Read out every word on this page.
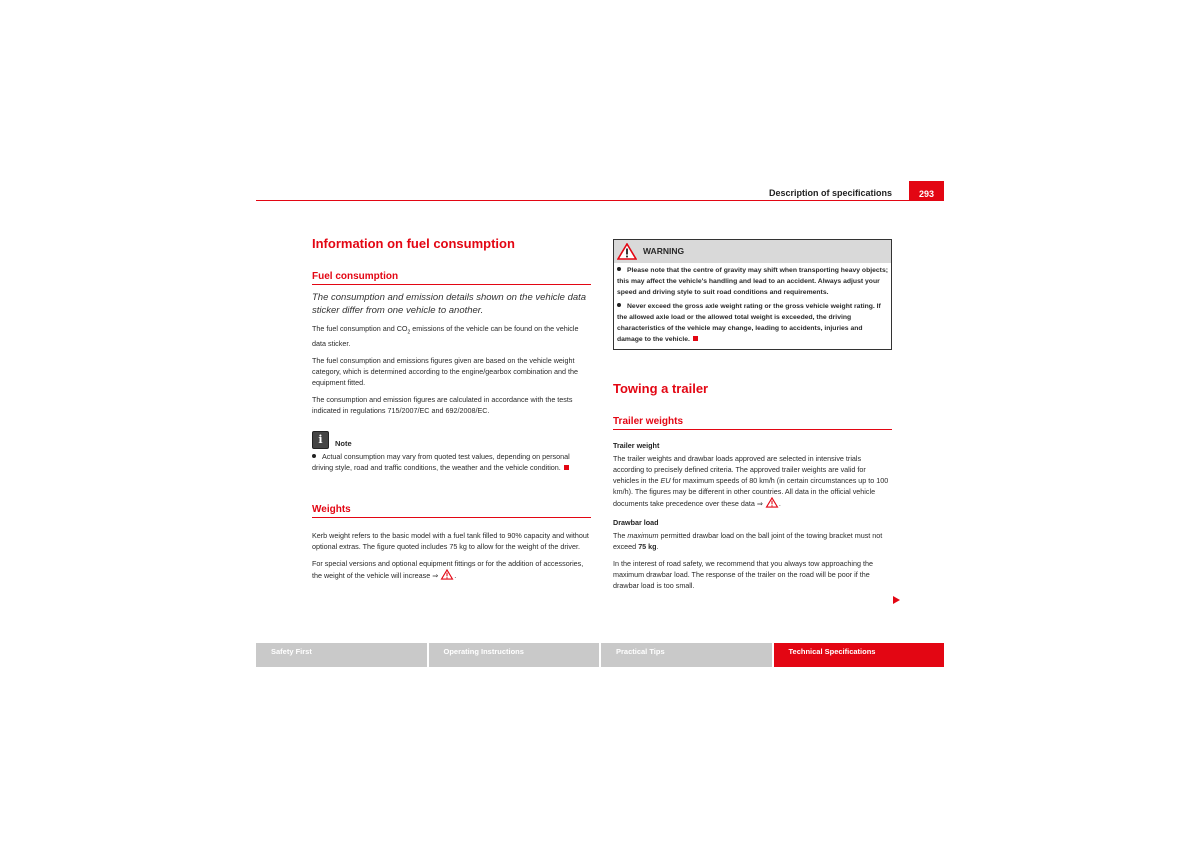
293
Description of specifications
Information on fuel consumption
Fuel consumption

The consumption and emission details shown on the vehicle data sticker differ from one vehicle to another.

The fuel consumption and $CO_2$ emissions of the vehicle can be found on the vehicle data sticker.

The fuel consumption and emissions figures given are based on the vehicle weight category, which is determined according to the engine/gearbox combination and the equipment fitted.

The consumption and emission figures are calculated in accordance with the tests indicated in regulations 715/2007/EC and 692/2008/EC.

i	Note

Actual consumption may vary from quoted test values, depending on personal driving style, road and traffic conditions, the weather and the vehicle condition.

Weights

Kerb weight refers to the basic model with a fuel tank filled to 90% capacity and without optional extras. The figure quoted includes 75 kg to allow for the weight of the driver.

For special versions and optional equipment fittings or for the addition of accessories, the weight of the vehicle will increase ⇒ .

WARNING

Please note that the centre of gravity may shift when transporting heavy objects; this may affect the vehicle's handling and lead to an accident. Always adjust your speed and driving style to suit road conditions and requirements.

Never exceed the gross axle weight rating or the gross vehicle weight rating. If the allowed axle load or the allowed total weight is exceeded, the driving characteristics of the vehicle may change, leading to accidents, injuries and damage to the vehicle.

Towing a trailer
Trailer weights
Trailer weight

The trailer weights and drawbar loads approved are selected in intensive trials according to precisely defined criteria. The approved trailer weights are valid for vehicles in the EU for maximum speeds of 80 km/h (in certain circumstances up to 100 km/h). The figures may be different in other countries. All data in the official vehicle documents take precedence over these data ⇒ .

Drawbar load

The maximum permitted drawbar load on the ball joint of the towing bracket must not exceed 75 kg.

In the interest of road safety, we recommend that you always tow approaching the maximum drawbar load. The response of the trailer on the road will be poor if the drawbar load is too small.

Safety First	Operating Instructions	Practical Tips	Technical Specifications
